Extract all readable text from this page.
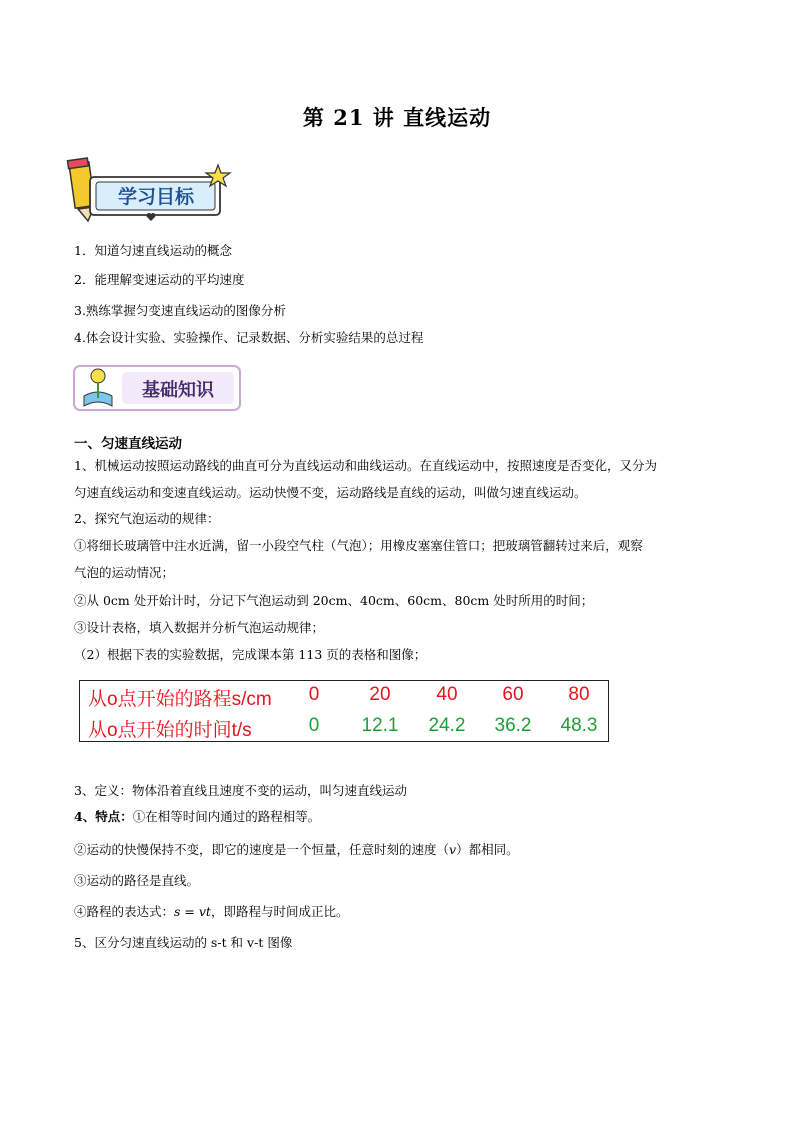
第 21 讲 直线运动
学习目标
1．知道匀速直线运动的概念
2．能理解变速运动的平均速度
3.熟练掌握匀变速直线运动的图像分析
4.体会设计实验、实验操作、记录数据、分析实验结果的总过程
基础知识
一、匀速直线运动
1、机械运动按照运动路线的曲直可分为直线运动和曲线运动。在直线运动中，按照速度是否变化，又分为
匀速直线运动和变速直线运动。运动快慢不变，运动路线是直线的运动，叫做匀速直线运动。
2、探究气泡运动的规律：
①将细长玻璃管中注水近满，留一小段空气柱（气泡）；用橡皮塞塞住管口；把玻璃管翻转过来后，观察
气泡的运动情况；
②从 0cm 处开始计时，分记下气泡运动到 20cm、40cm、60cm、80cm 处时所用的时间；
③设计表格，填入数据并分析气泡运动规律；
（2）根据下表的实验数据，完成课本第 113 页的表格和图像；
从o点开始的路程s/cm	0	20	40	60	80
从o点开始的时间t/s	0	12.1	24.2	36.2	48.3
3、定义：物体沿着直线且速度不变的运动，叫匀速直线运动
4、特点：①在相等时间内通过的路程相等。
②运动的快慢保持不变，即它的速度是一个恒量，任意时刻的速度（v）都相同。
③运动的路径是直线。
④路程的表达式：s = vt，即路程与时间成正比。
5、区分匀速直线运动的 s-t 和 v-t 图像
